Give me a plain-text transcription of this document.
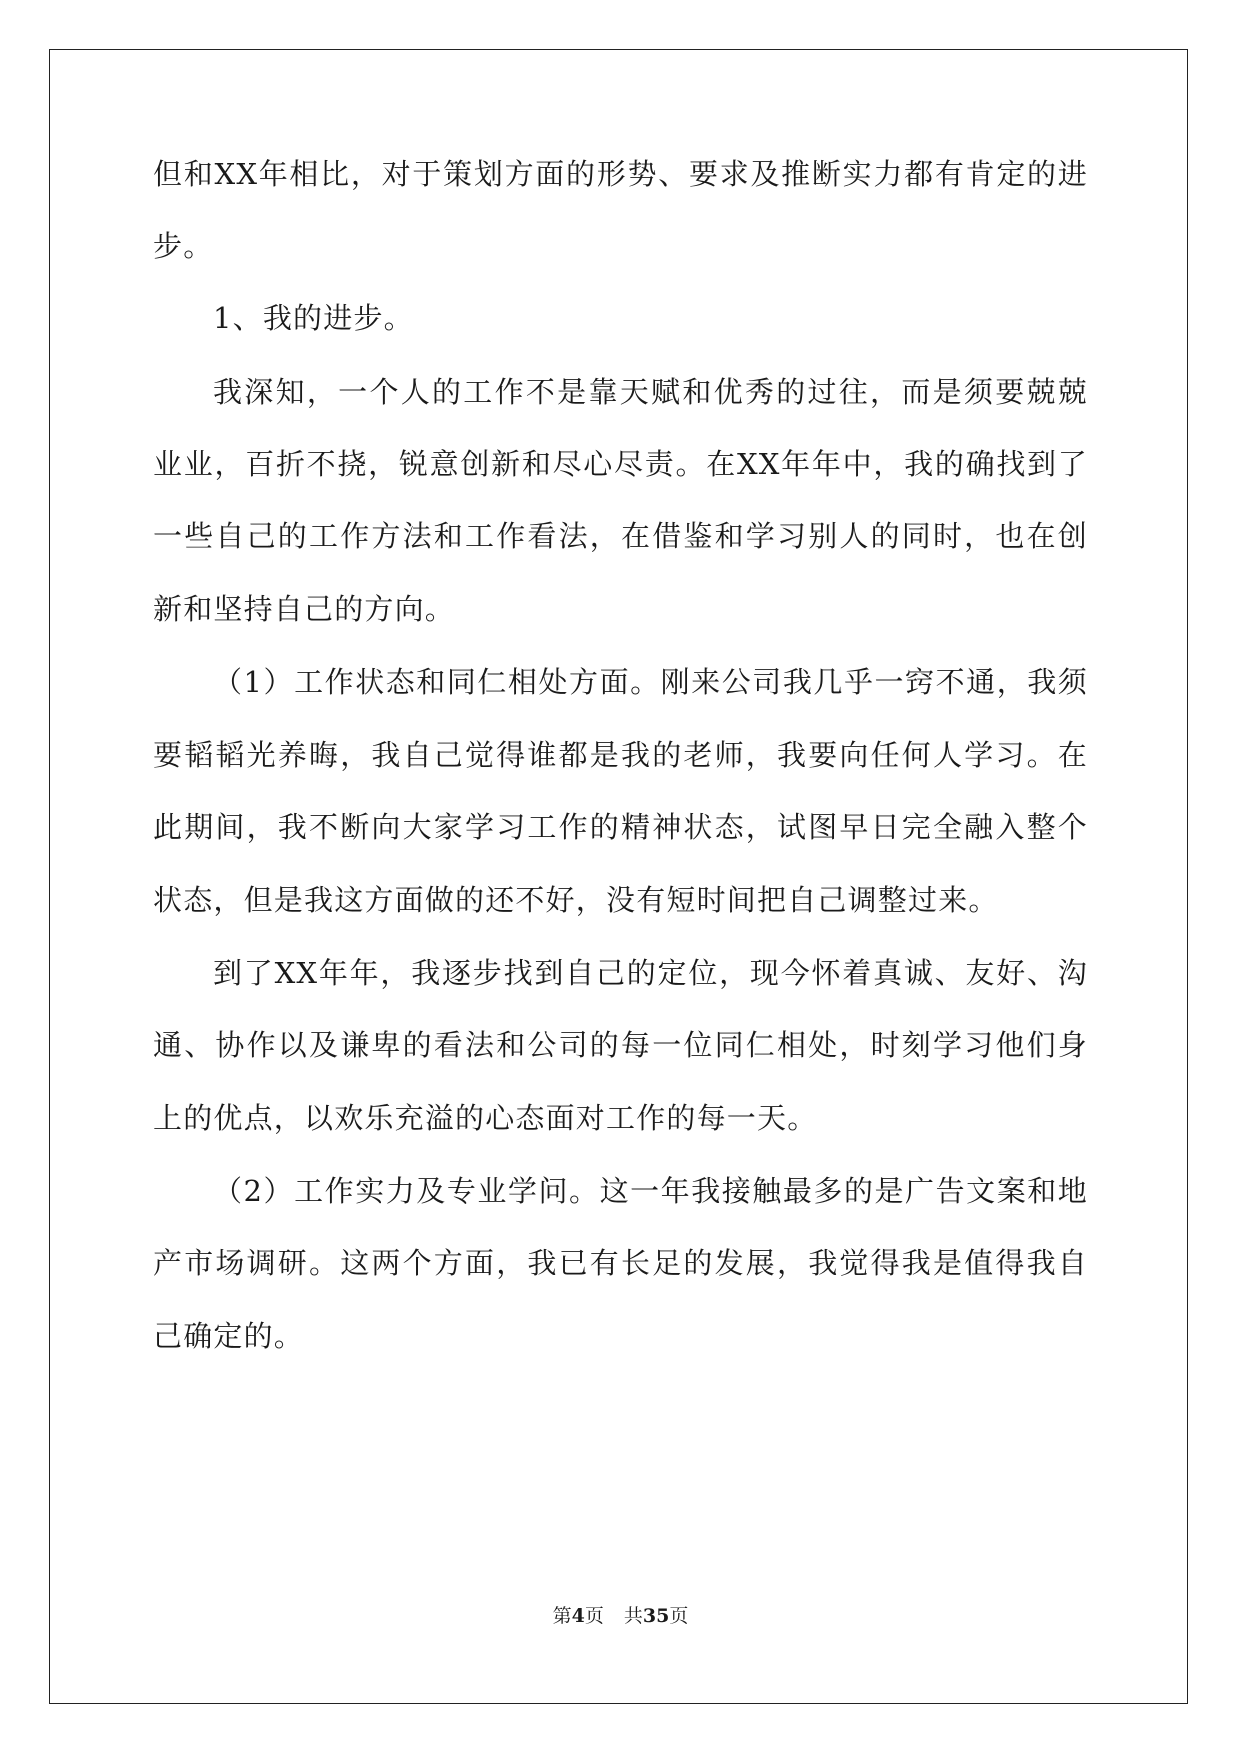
但和XX年相比，对于策划方面的形势、要求及推断实力都有肯定的进
步。
1、我的进步。
我深知，一个人的工作不是靠天赋和优秀的过往，而是须要兢兢
业业，百折不挠，锐意创新和尽心尽责。在XX年年中，我的确找到了
一些自己的工作方法和工作看法，在借鉴和学习别人的同时，也在创
新和坚持自己的方向。
（1）工作状态和同仁相处方面。刚来公司我几乎一窍不通，我须
要韬韬光养晦，我自己觉得谁都是我的老师，我要向任何人学习。在
此期间，我不断向大家学习工作的精神状态，试图早日完全融入整个
状态，但是我这方面做的还不好，没有短时间把自己调整过来。
到了XX年年，我逐步找到自己的定位，现今怀着真诚、友好、沟
通、协作以及谦卑的看法和公司的每一位同仁相处，时刻学习他们身
上的优点，以欢乐充溢的心态面对工作的每一天。
（2）工作实力及专业学问。这一年我接触最多的是广告文案和地
产市场调研。这两个方面，我已有长足的发展，我觉得我是值得我自
己确定的。
第4页 共35页
